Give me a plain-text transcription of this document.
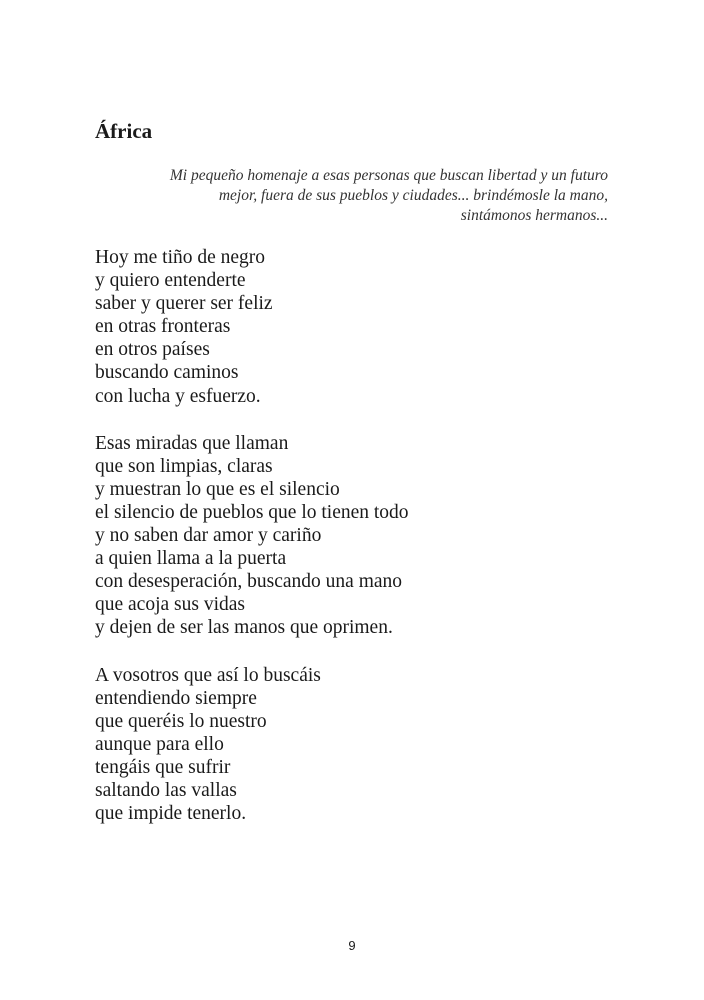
África

Mi pequeño homenaje a esas personas que buscan libertad y un futuro
mejor, fuera de sus pueblos y ciudades... brindémosle la mano,
sintámonos hermanos...

Hoy me tiño de negro
y quiero entenderte
saber y querer ser feliz
en otras fronteras
en otros países
buscando caminos
con lucha y esfuerzo.
Esas miradas que llaman
que son limpias, claras
y muestran lo que es el silencio
el silencio de pueblos que lo tienen todo
y no saben dar amor y cariño
a quien llama a la puerta
con desesperación, buscando una mano
que acoja sus vidas
y dejen de ser las manos que oprimen.
A vosotros que así lo buscáis
entendiendo siempre
que queréis lo nuestro
aunque para ello
tengáis que sufrir
saltando las vallas
que impide tenerlo.
9
